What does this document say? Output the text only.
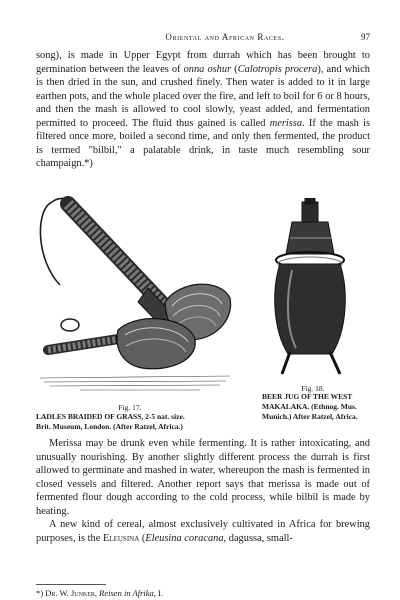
Oriental and African Races.	97

song), is made in Upper Egypt from durrah which has been brought to germination between the leaves of onna oshur (Calotropis procera), and which is then dried in the sun, and crushed finely. Then water is added to it in large earthen pots, and the whole placed over the fire, and left to boil for 6 or 8 hours, and then the mash is allowed to cool slowly, yeast added, and fermentation permitted to proceed. The fluid thus gained is called merissa. If the mash is filtered once more, boiled a second time, and only then fermented, the product is termed "bilbil," a palatable drink, in taste much resembling sour champaign.*)

Fig. 17.
LADLES BRAIDED OF GRASS, 2-5 nat. size.
Brit. Museum, London. (After Ratzel, Africa.)
Fig. 18.
BEER JUG OF THE WEST
MAKALAKA. (Ethnog. Mus.
Munich.) After Ratzel, Africa.

Merissa may be drunk even while fermenting. It is rather intoxicating, and unusually nourishing. By another slightly different process the durrah is first allowed to germinate and mashed in water, whereupon the mash is fermented in closed vessels and filtered. Another report says that merissa is made out of fermented flour dough according to the cold process, while bilbil is made by heating.

A new kind of cereal, almost exclusively cultivated in Africa for brewing purposes, is the Eleusina (Eleusina coracana, dagussa, small-

*) Dr. W. Junker, Reisen in Afrika, I.
